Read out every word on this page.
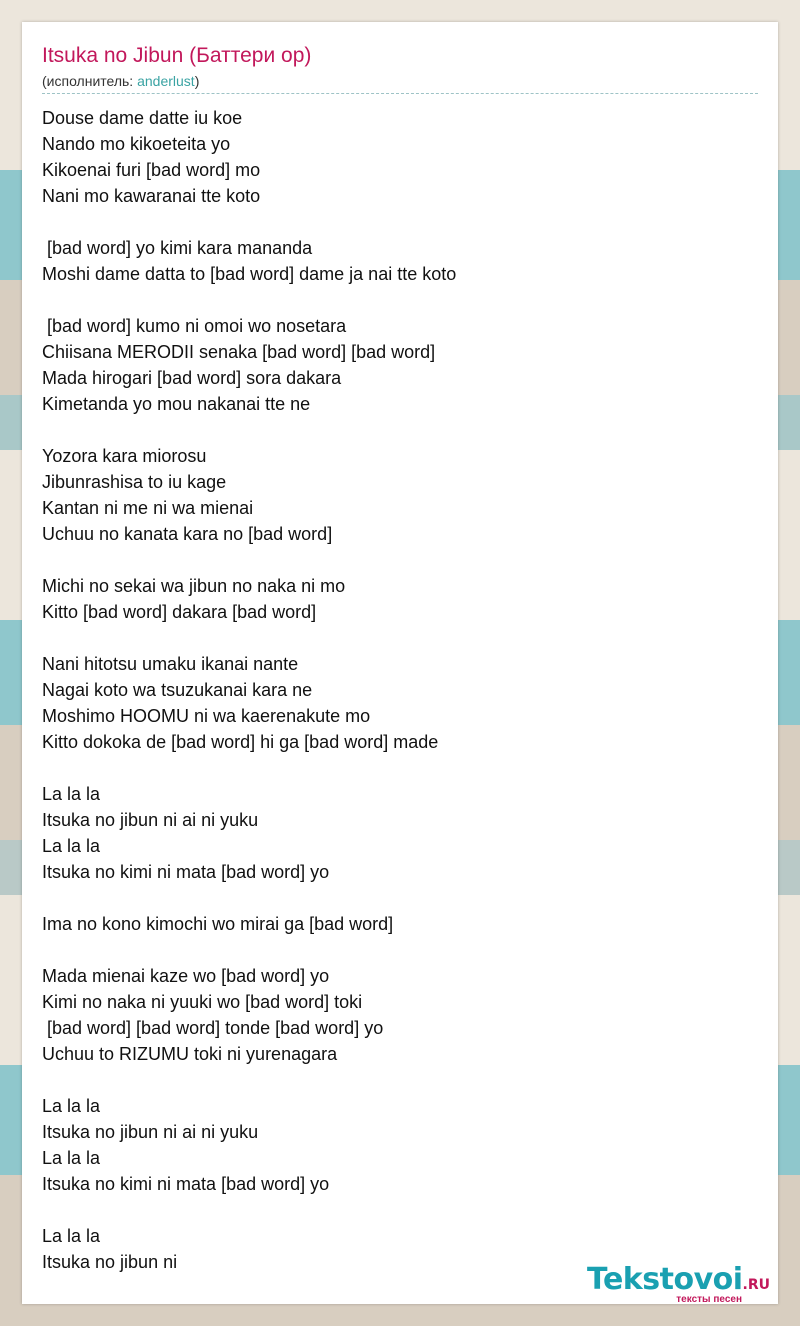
Itsuka no Jibun (Баттери op)
(исполнитель: anderlust)
Douse dame datte iu koe
Nando mo kikoeteita yo
Kikoenai furi [bad word] mo
Nani mo kawaranai tte koto
[bad word] yo kimi kara mananda
Moshi dame datta to [bad word] dame ja nai tte koto
[bad word] kumo ni omoi wo nosetara
Chiisana MERODII senaka [bad word] [bad word]
Mada hirogari [bad word] sora dakara
Kimetanda yo mou nakanai tte ne
Yozora kara miorosu
Jibunrashisa to iu kage
Kantan ni me ni wa mienai
Uchuu no kanata kara no [bad word]
Michi no sekai wa jibun no naka ni mo
Kitto [bad word] dakara [bad word]
Nani hitotsu umaku ikanai nante
Nagai koto wa tsuzukanai kara ne
Moshimo HOOMU ni wa kaerenakute mo
Kitto dokoka de [bad word] hi ga [bad word] made
La la la
Itsuka no jibun ni ai ni yuku
La la la
Itsuka no kimi ni mata [bad word] yo
Ima no kono kimochi wo mirai ga [bad word]
Mada mienai kaze wo [bad word] yo
Kimi no naka ni yuuki wo [bad word] toki
[bad word] [bad word] tonde [bad word] yo
Uchuu to RIZUMU toki ni yurenagara
La la la
Itsuka no jibun ni ai ni yuku
La la la
Itsuka no kimi ni mata [bad word] yo
La la la
Itsuka no jibun ni	Tekstovoi.RU
тексты песен
